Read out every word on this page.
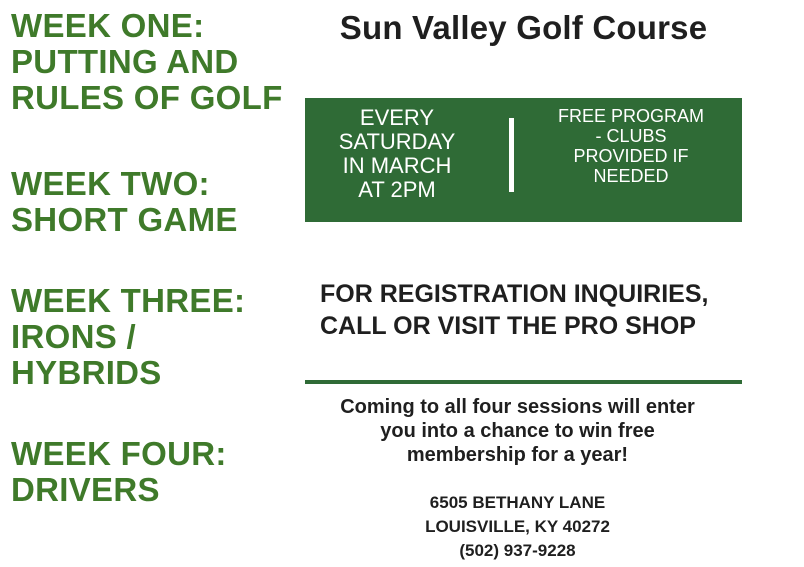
WEEK ONE:
PUTTING AND
RULES OF GOLF
WEEK TWO:
SHORT GAME
WEEK THREE:
IRONS /
HYBRIDS
WEEK FOUR:
DRIVERS
Sun Valley Golf Course
EVERY
SATURDAY
IN MARCH
AT 2PM
FREE PROGRAM
- CLUBS
PROVIDED IF
NEEDED
FOR REGISTRATION INQUIRIES,
CALL OR VISIT THE PRO SHOP
Coming to all four sessions will enter
you into a chance to win free
membership for a year!
6505 BETHANY LANE
LOUISVILLE, KY 40272
(502) 937-9228
